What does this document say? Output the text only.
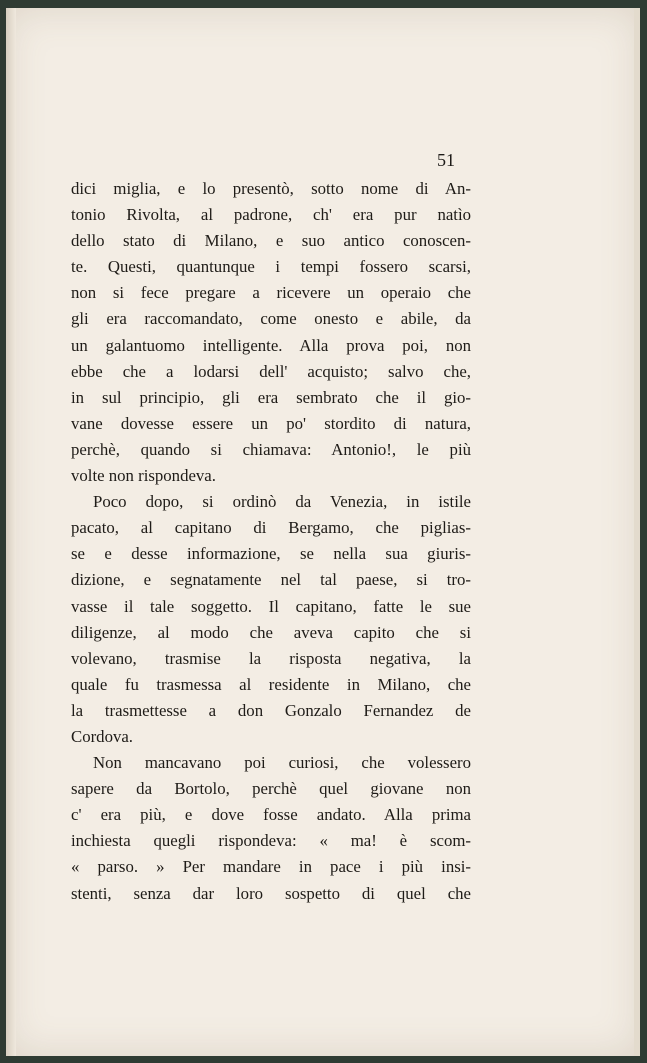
51
dici miglia, e lo presentò, sotto nome di An-
tonio Rivolta, al padrone, ch' era pur natìo
dello stato di Milano, e suo antico conoscen-
te. Questi, quantunque i tempi fossero scarsi,
non si fece pregare a ricevere un operaio che
gli era raccomandato, come onesto e abile, da
un galantuomo intelligente. Alla prova poi, non
ebbe che a lodarsi dell' acquisto; salvo che,
in sul principio, gli era sembrato che il gio-
vane dovesse essere un po' stordito di natura,
perchè, quando si chiamava: Antonio!, le più
volte non rispondeva.
Poco dopo, si ordinò da Venezia, in istile
pacato, al capitano di Bergamo, che piglias-
se e desse informazione, se nella sua giuris-
dizione, e segnatamente nel tal paese, si tro-
vasse il tale soggetto. Il capitano, fatte le sue
diligenze, al modo che aveva capito che si
volevano, trasmise la risposta negativa, la
quale fu trasmessa al residente in Milano, che
la trasmettesse a don Gonzalo Fernandez de
Cordova.
Non mancavano poi curiosi, che volessero
sapere da Bortolo, perchè quel giovane non
c' era più, e dove fosse andato. Alla prima
inchiesta quegli rispondeva: « ma! è scom-
« parso. » Per mandare in pace i più insi-
stenti, senza dar loro sospetto di quel che
